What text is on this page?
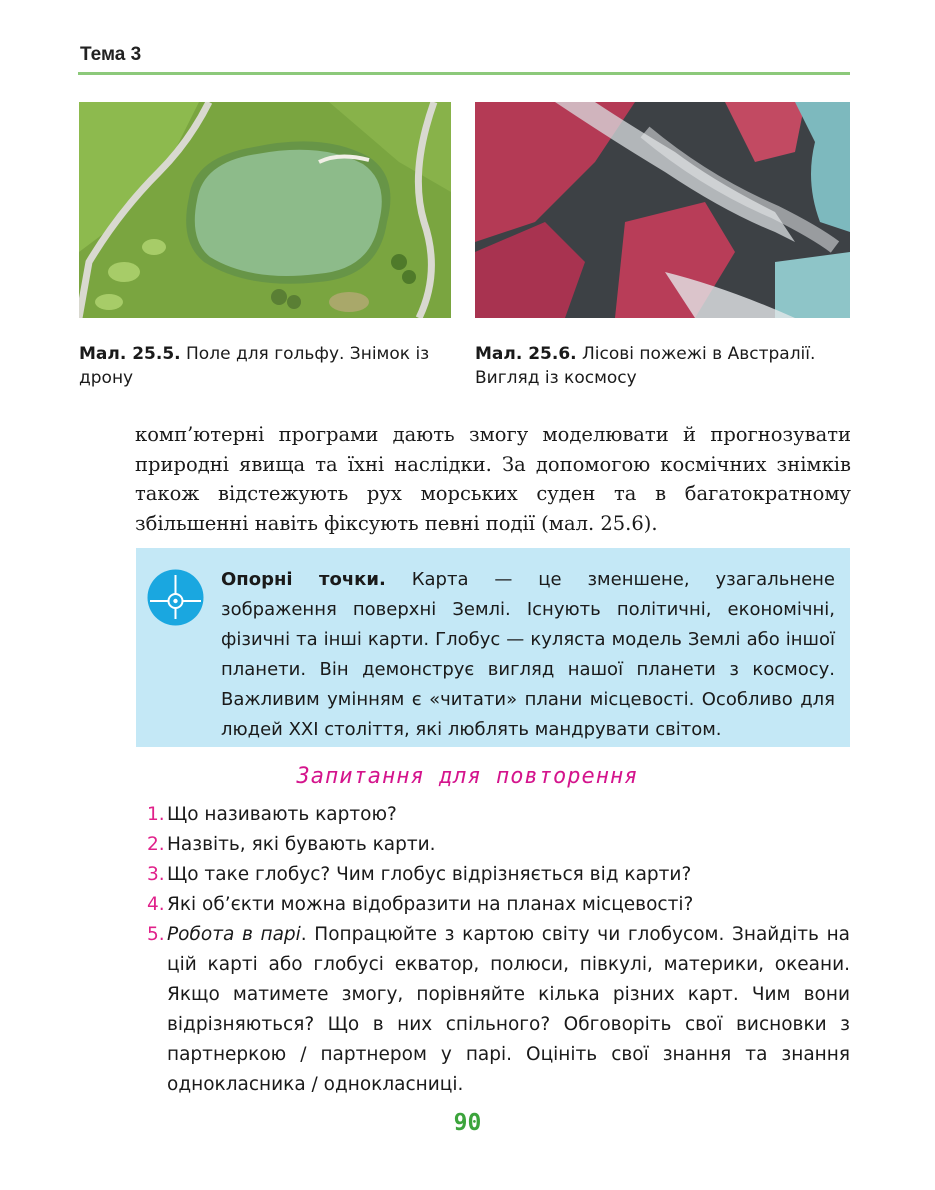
Тема 3
Мал. 25.5. Поле для гольфу. Знімок із дрону
Мал. 25.6. Лісові пожежі в Австралії. Вигляд із космосу
комп’ютерні програми дають змогу моделювати й прогнозувати природні явища та їхні наслідки. За допомогою космічних знімків також відстежують рух морських суден та в багатократному збільшенні навіть фіксують певні події (мал. 25.6).
Опорні точки. Карта — це зменшене, узагальнене зображення поверхні Землі. Існують політичні, економічні, фізичні та інші карти. Глобус — куляста модель Землі або іншої планети. Він демонструє вигляд нашої планети з космосу. Важливим умінням є «читати» плани місцевості. Особливо для людей XXI століття, які люблять мандрувати світом.
Запитання для повторення
1. Що називають картою?
2. Назвіть, які бувають карти.
3. Що таке глобус? Чим глобус відрізняється від карти?
4. Які об’єкти можна відобразити на планах місцевості?
5. Робота в парі. Попрацюйте з картою світу чи глобусом. Знайдіть на цій карті або глобусі екватор, полюси, півкулі, материки, океани. Якщо матимете змогу, порівняйте кілька різних карт. Чим вони відрізняються? Що в них спільного? Обговоріть свої висновки з партнеркою / партнером у парі. Оцініть свої знання та знання однокласника / однокласниці.
90
